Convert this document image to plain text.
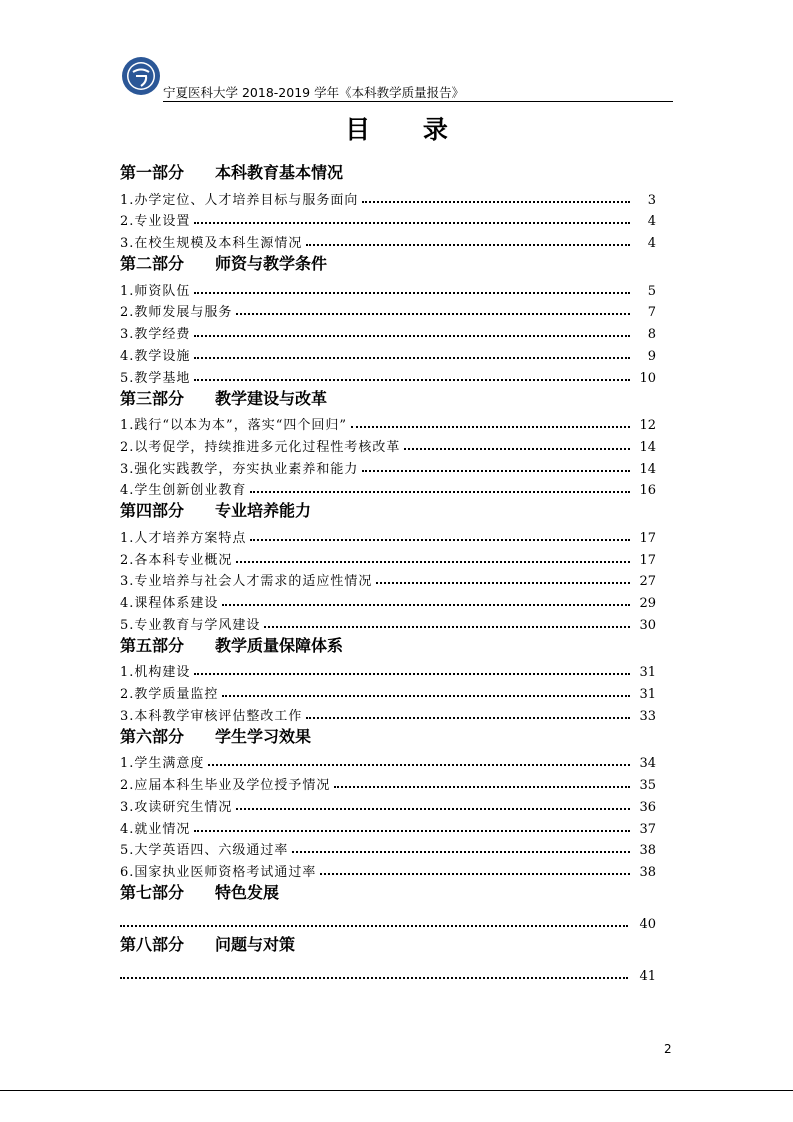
宁夏医科大学 2018-2019 学年《本科教学质量报告》
目 录
第一部分 本科教育基本情况
1.办学定位、人才培养目标与服务面向	3
2.专业设置	4
3.在校生规模及本科生源情况	4
第二部分 师资与教学条件
1.师资队伍	5
2.教师发展与服务	7
3.教学经费	8
4.教学设施	9
5.教学基地	10
第三部分 教学建设与改革
1.践行“以本为本”，落实“四个回归”	12
2.以考促学，持续推进多元化过程性考核改革	14
3.强化实践教学，夯实执业素养和能力	14
4.学生创新创业教育	16
第四部分 专业培养能力
1.人才培养方案特点	17
2.各本科专业概况	17
3.专业培养与社会人才需求的适应性情况	27
4.课程体系建设	29
5.专业教育与学风建设	30
第五部分 教学质量保障体系
1.机构建设	31
2.教学质量监控	31
3.本科教学审核评估整改工作	33
第六部分 学生学习效果
1.学生满意度	34
2.应届本科生毕业及学位授予情况	35
3.攻读研究生情况	36
4.就业情况	37
5.大学英语四、六级通过率	38
6.国家执业医师资格考试通过率	38
第七部分 特色发展
40
第八部分 问题与对策
41
2
